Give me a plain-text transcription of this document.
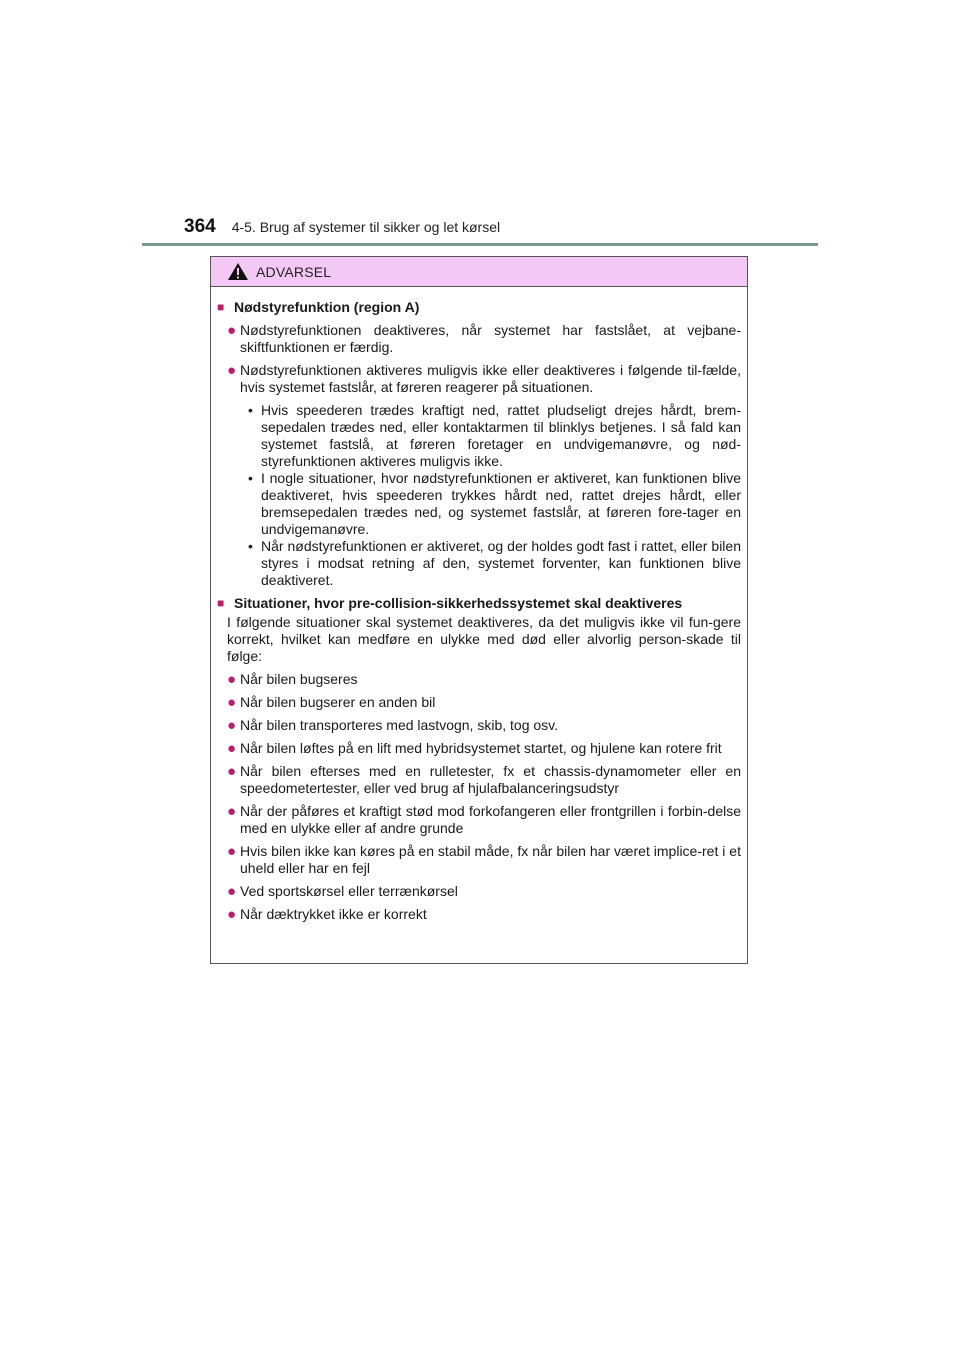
364 4-5. Brug af systemer til sikker og let kørsel
ADVARSEL
■ Nødstyrefunktion (region A)
● Nødstyrefunktionen deaktiveres, når systemet har fastslået, at vejbane-skiftfunktionen er færdig.
● Nødstyrefunktionen aktiveres muligvis ikke eller deaktiveres i følgende til-fælde, hvis systemet fastslår, at føreren reagerer på situationen.
• Hvis speederen trædes kraftigt ned, rattet pludseligt drejes hårdt, brem-sepedalen trædes ned, eller kontaktarmen til blinklys betjenes. I så fald kan systemet fastslå, at føreren foretager en undvigemanøvre, og nød-styrefunktionen aktiveres muligvis ikke.
• I nogle situationer, hvor nødstyrefunktionen er aktiveret, kan funktionen blive deaktiveret, hvis speederen trykkes hårdt ned, rattet drejes hårdt, eller bremsepedalen trædes ned, og systemet fastslår, at føreren fore-tager en undvigemanøvre.
• Når nødstyrefunktionen er aktiveret, og der holdes godt fast i rattet, eller bilen styres i modsat retning af den, systemet forventer, kan funktionen blive deaktiveret.
■ Situationer, hvor pre-collision-sikkerhedssystemet skal deaktiveres
I følgende situationer skal systemet deaktiveres, da det muligvis ikke vil fun-gere korrekt, hvilket kan medføre en ulykke med død eller alvorlig person-skade til følge:
● Når bilen bugseres
● Når bilen bugserer en anden bil
● Når bilen transporteres med lastvogn, skib, tog osv.
● Når bilen løftes på en lift med hybridsystemet startet, og hjulene kan rotere frit
● Når bilen efterses med en rulletester, fx et chassis-dynamometer eller en speedometertester, eller ved brug af hjulafbalanceringsudstyr
● Når der påføres et kraftigt stød mod forkofangeren eller frontgrillen i forbin-delse med en ulykke eller af andre grunde
● Hvis bilen ikke kan køres på en stabil måde, fx når bilen har været implice-ret i et uheld eller har en fejl
● Ved sportskørsel eller terrænkørsel
● Når dæktrykket ikke er korrekt
